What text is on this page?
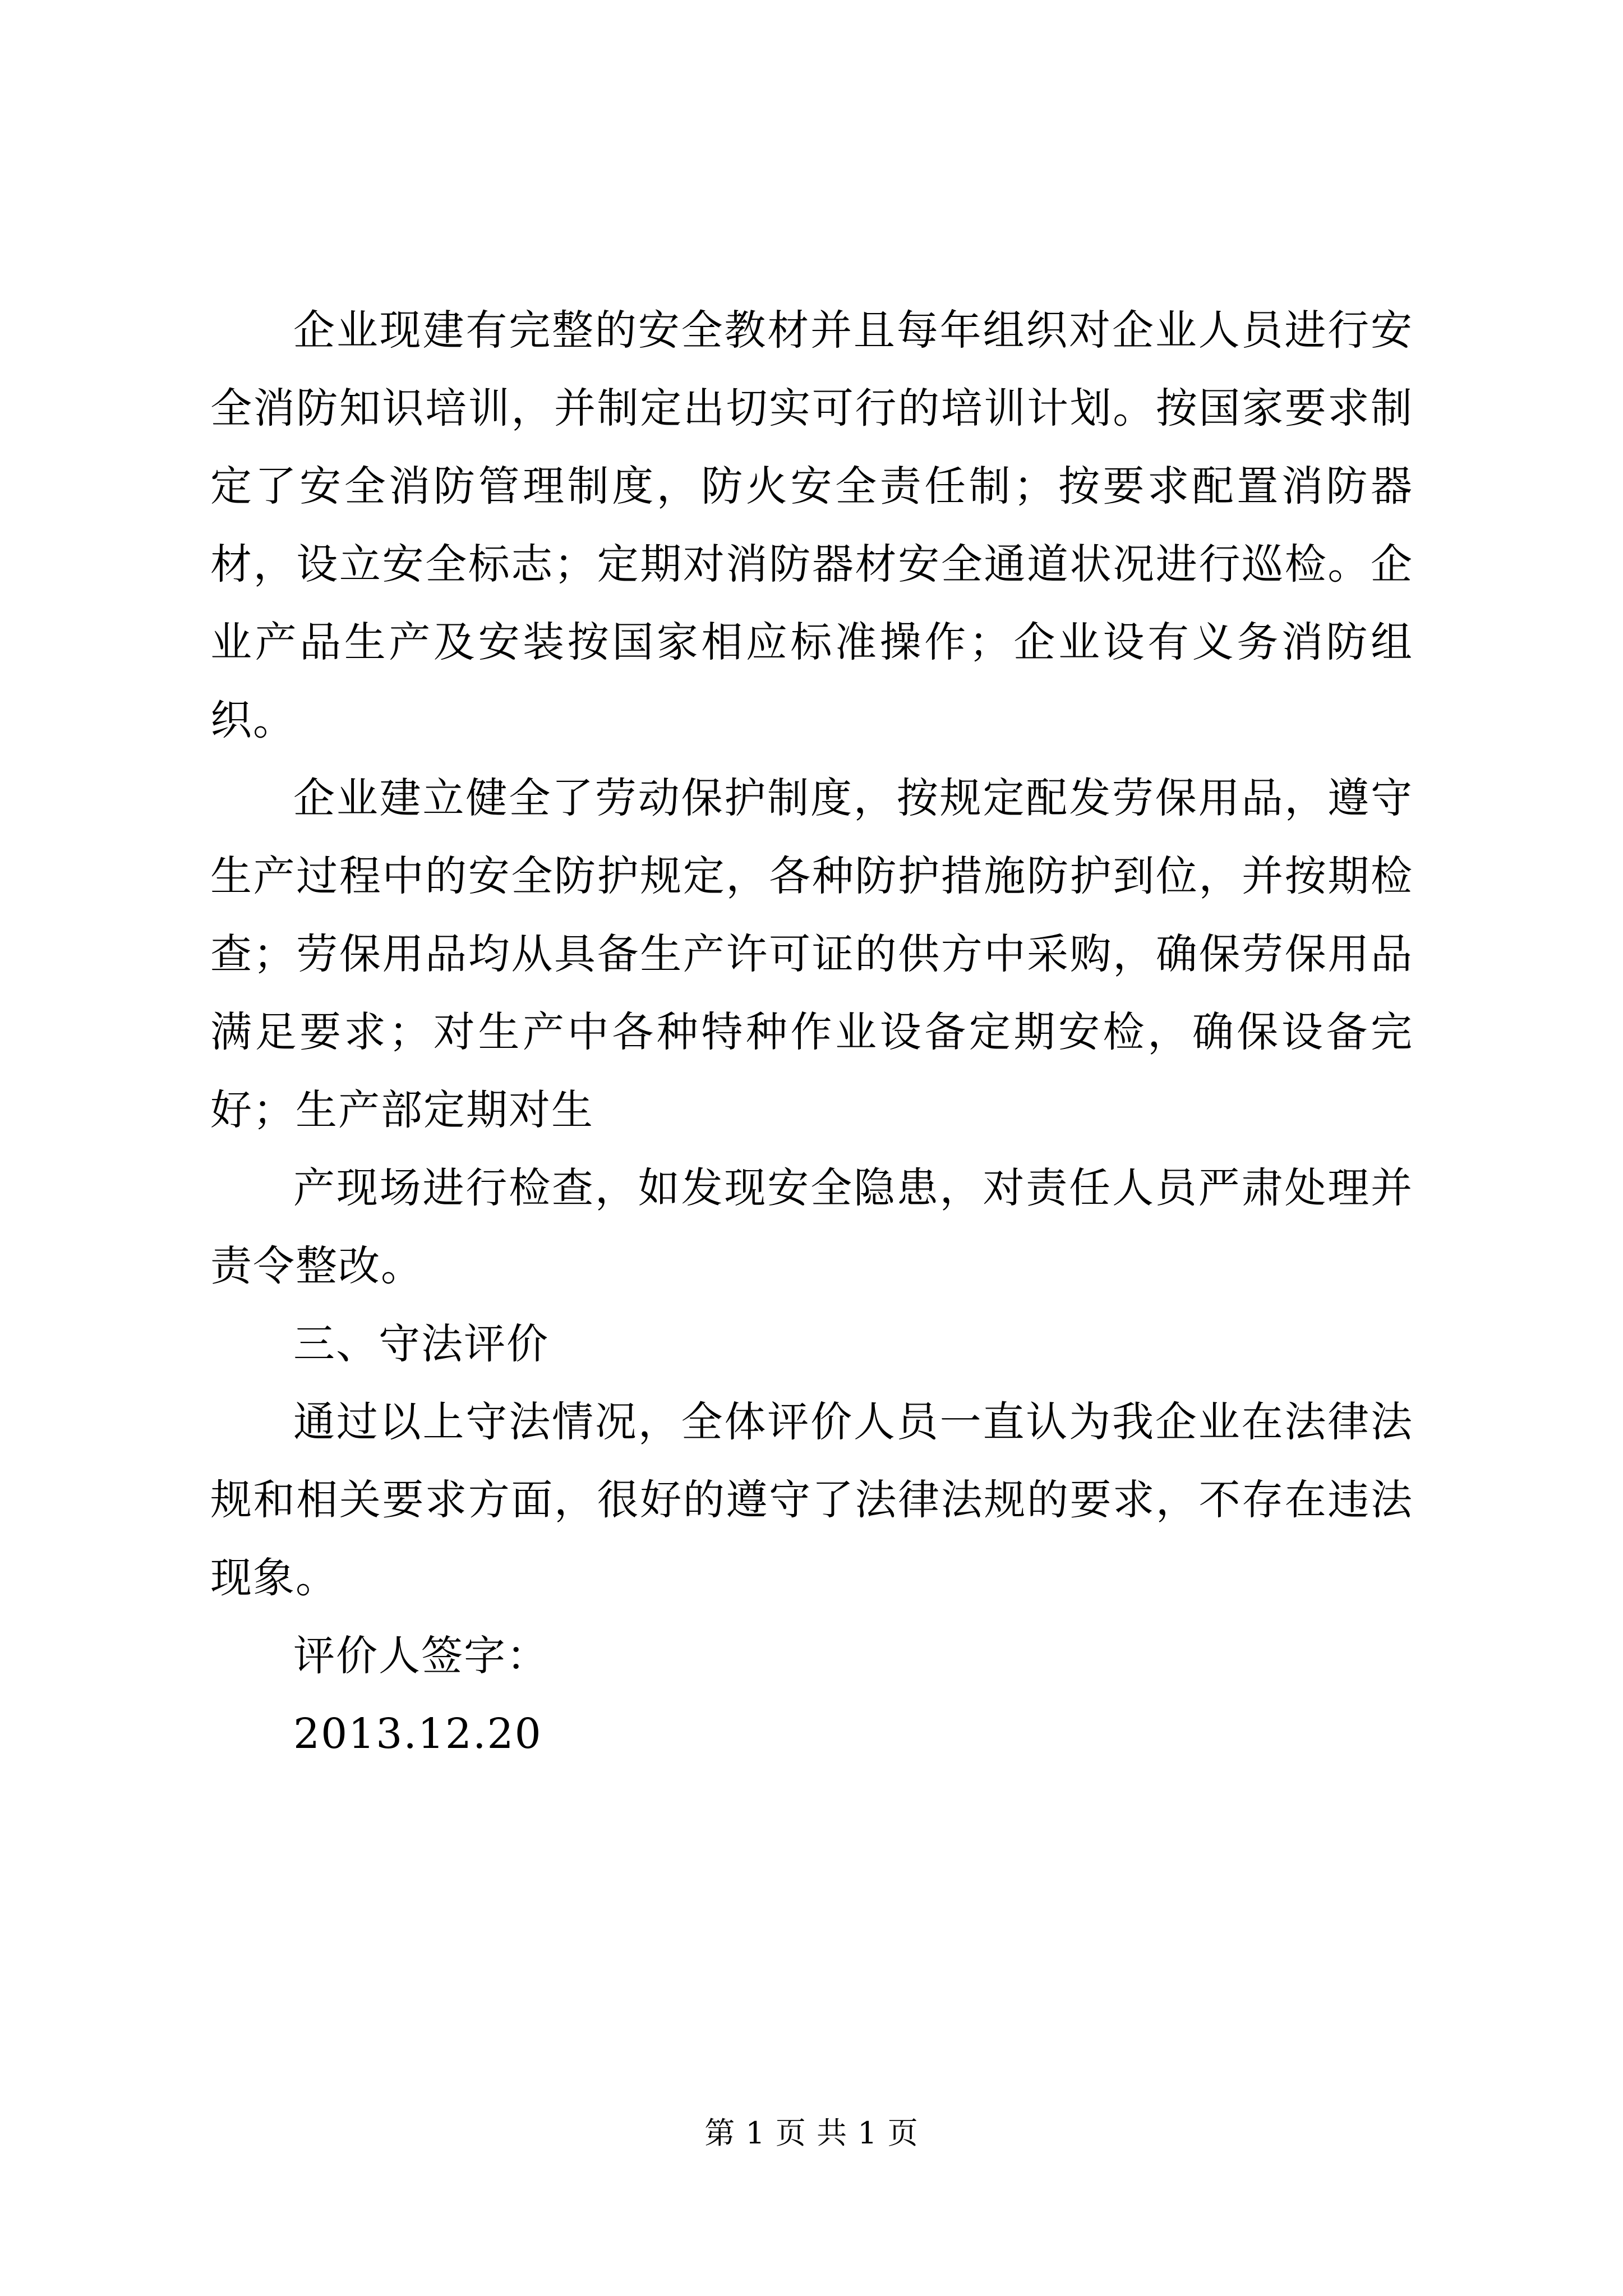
企业现建有完整的安全教材并且每年组织对企业人员进行安全消防知识培训，并制定出切实可行的培训计划。按国家要求制定了安全消防管理制度，防火安全责任制；按要求配置消防器材，设立安全标志；定期对消防器材安全通道状况进行巡检。企业产品生产及安装按国家相应标准操作；企业设有义务消防组织。

企业建立健全了劳动保护制度，按规定配发劳保用品，遵守生产过程中的安全防护规定，各种防护措施防护到位，并按期检查；劳保用品均从具备生产许可证的供方中采购，确保劳保用品满足要求；对生产中各种特种作业设备定期安检，确保设备完好；生产部定期对生

产现场进行检查，如发现安全隐患，对责任人员严肃处理并责令整改。

三、守法评价

通过以上守法情况，全体评价人员一直认为我企业在法律法规和相关要求方面，很好的遵守了法律法规的要求，不存在违法现象。

评价人签字：

2013.12.20

第 1 页 共 1 页
